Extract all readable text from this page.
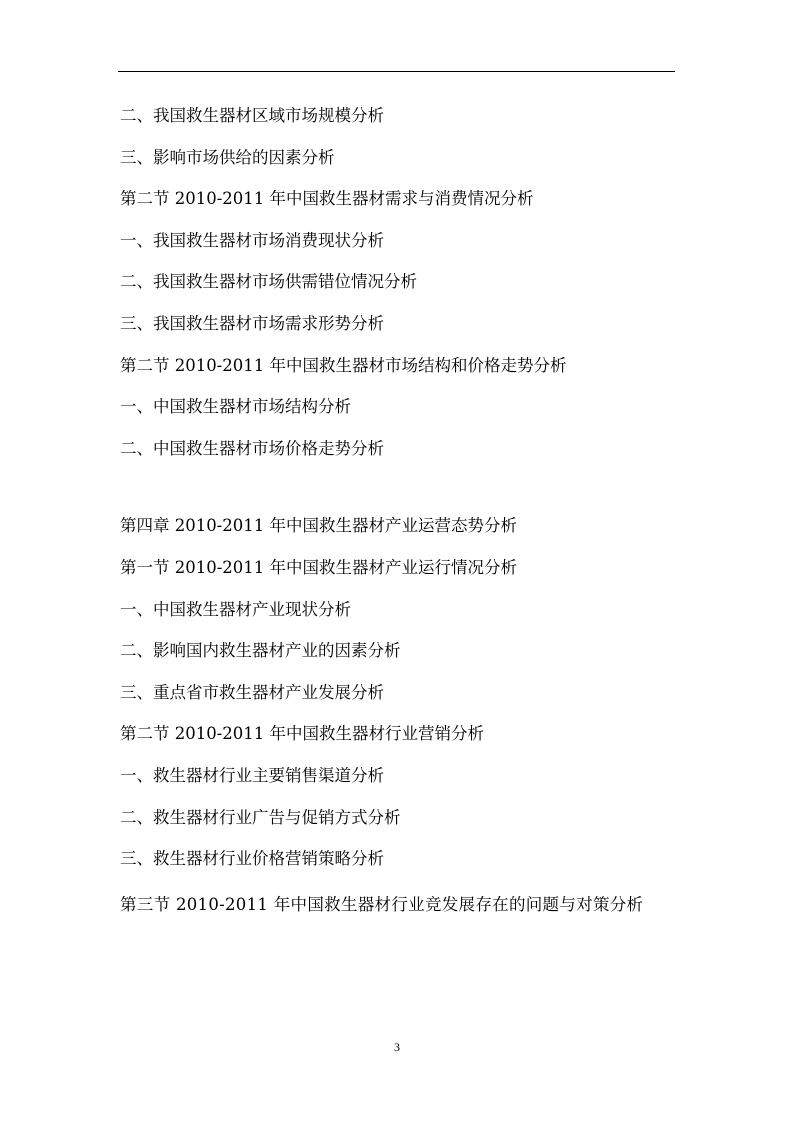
二、我国救生器材区域市场规模分析
三、影响市场供给的因素分析
第二节 2010-2011 年中国救生器材需求与消费情况分析
一、我国救生器材市场消费现状分析
二、我国救生器材市场供需错位情况分析
三、我国救生器材市场需求形势分析
第二节 2010-2011 年中国救生器材市场结构和价格走势分析
一、中国救生器材市场结构分析
二、中国救生器材市场价格走势分析
第四章 2010-2011 年中国救生器材产业运营态势分析
第一节 2010-2011 年中国救生器材产业运行情况分析
一、中国救生器材产业现状分析
二、影响国内救生器材产业的因素分析
三、重点省市救生器材产业发展分析
第二节 2010-2011 年中国救生器材行业营销分析
一、救生器材行业主要销售渠道分析
二、救生器材行业广告与促销方式分析
三、救生器材行业价格营销策略分析
第三节 2010-2011 年中国救生器材行业竞发展存在的问题与对策分析
3
